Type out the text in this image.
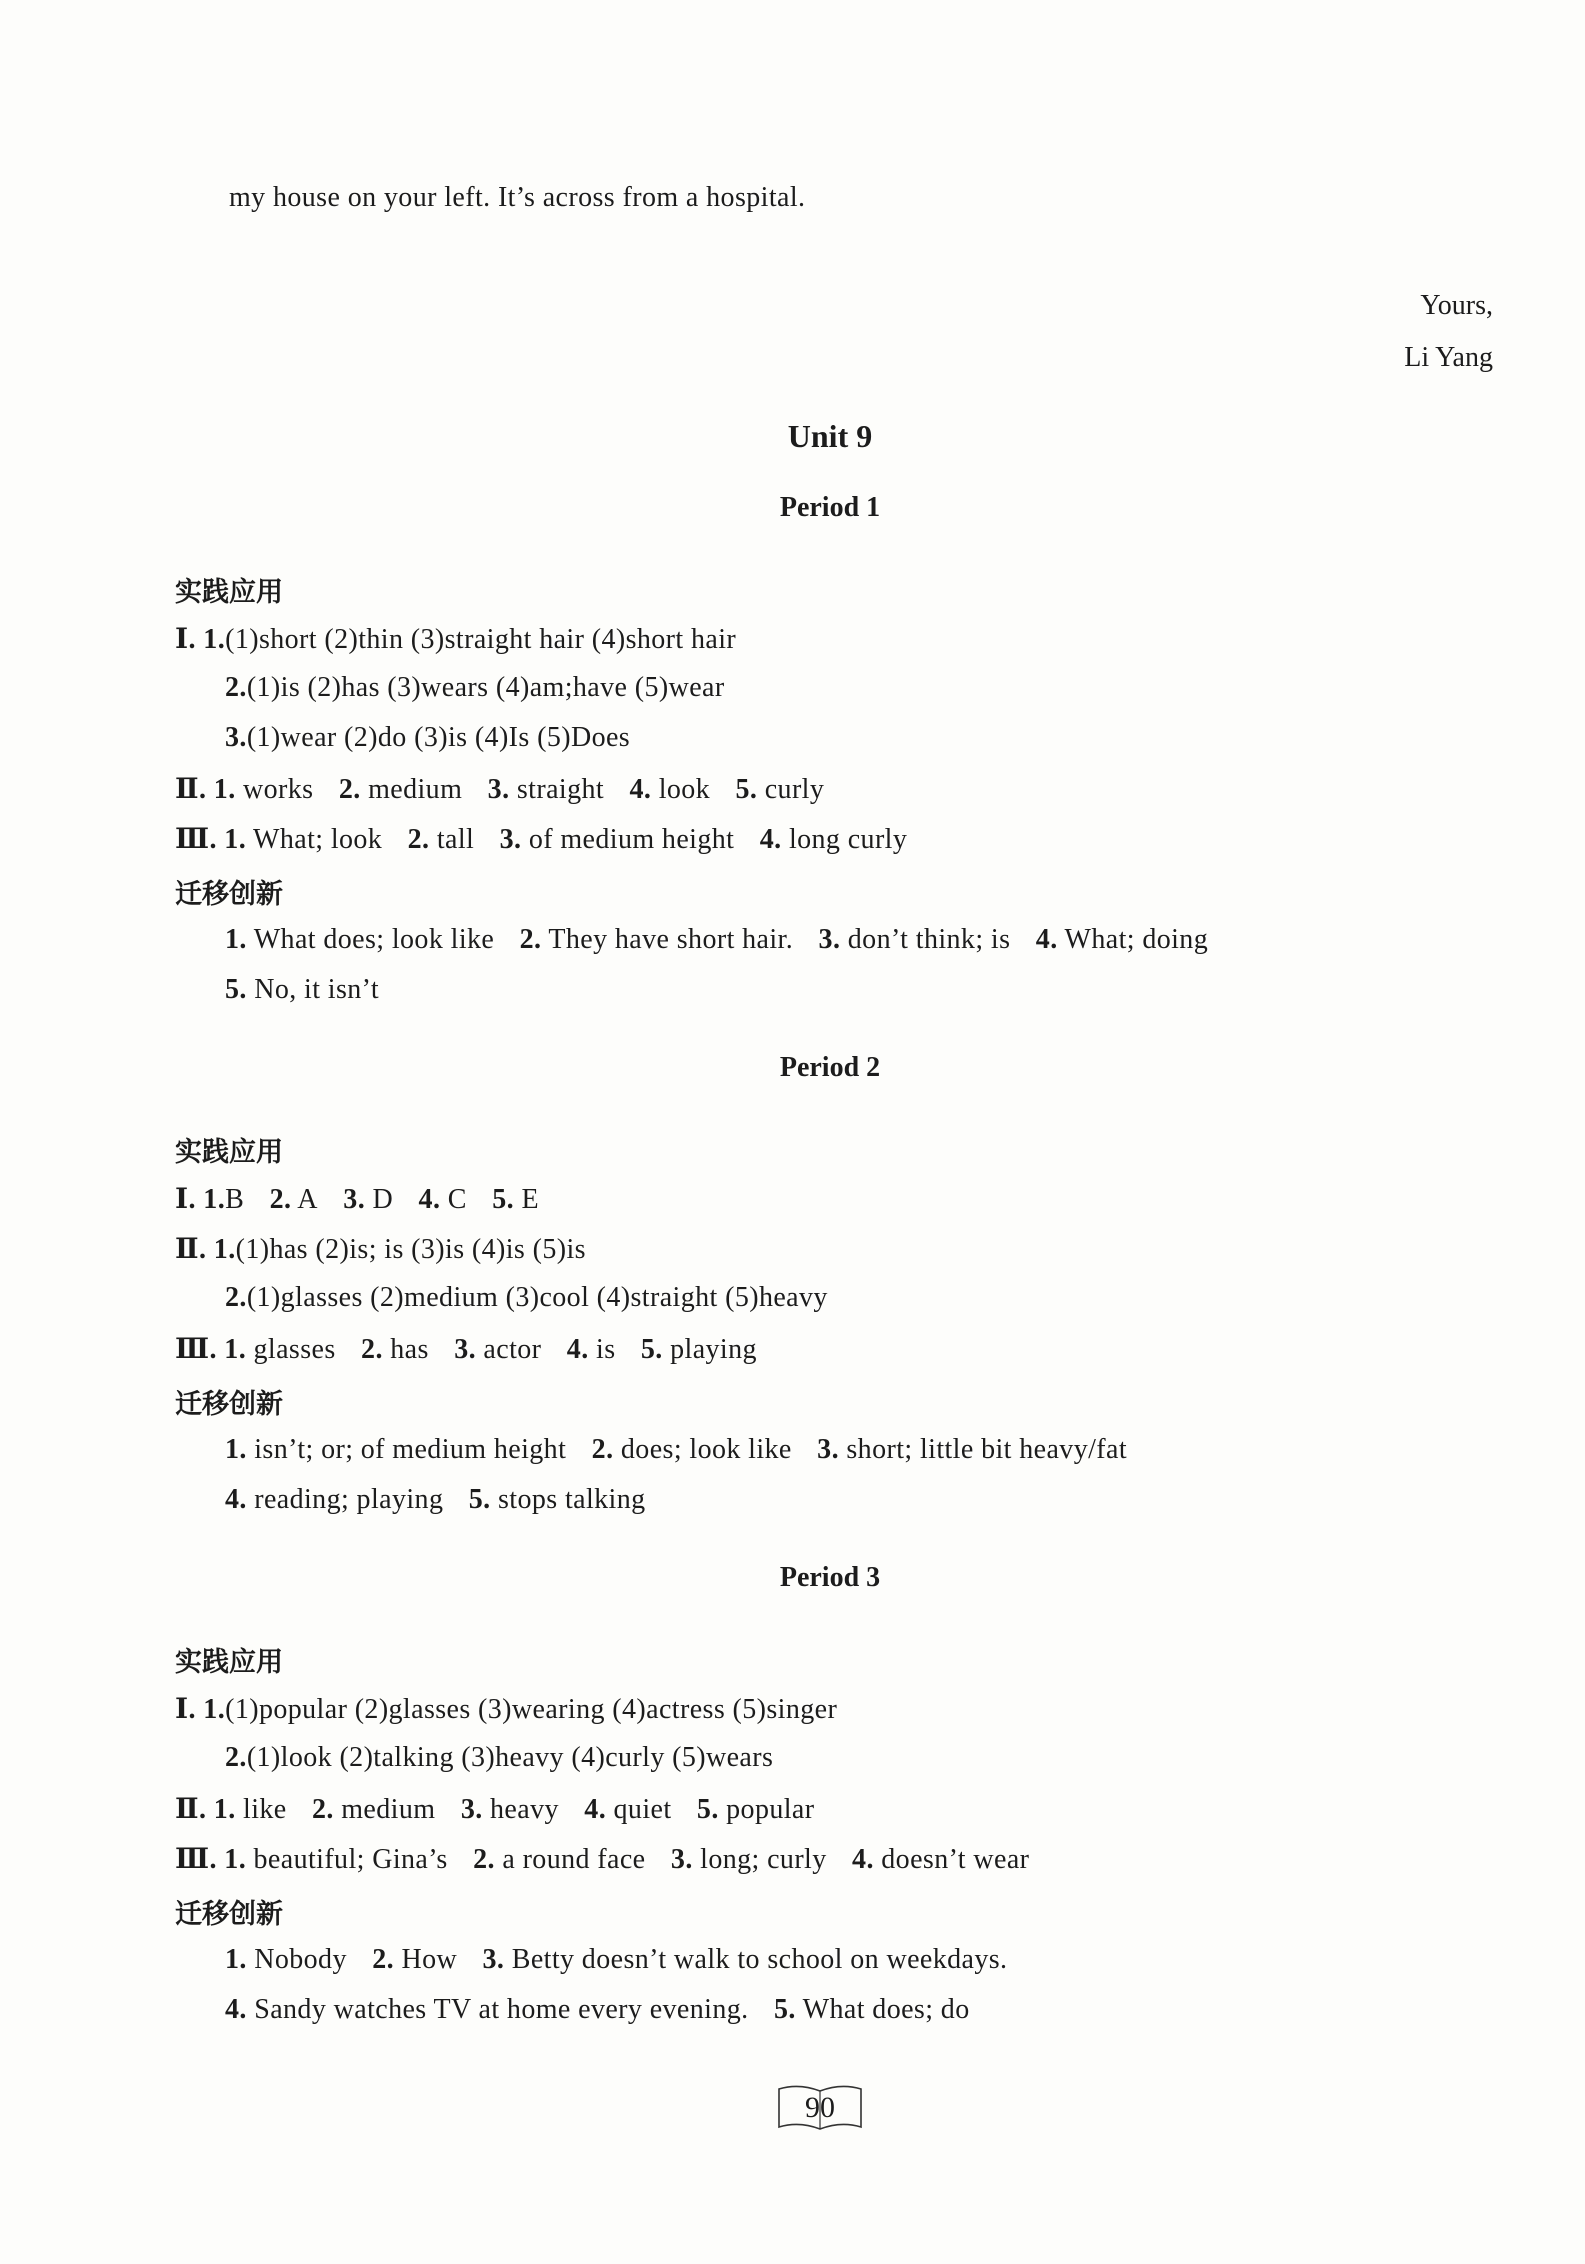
my house on your left. It’s across from a hospital.
Yours,
Li Yang
Unit 9
Period 1
实践应用
Ⅰ. 1.(1)short (2)thin (3)straight hair (4)short hair
2.(1)is (2)has (3)wears (4)am;have (5)wear
3.(1)wear (2)do (3)is (4)Is (5)Does
Ⅱ. 1. works 2. medium 3. straight 4. look 5. curly
Ⅲ. 1. What; look 2. tall 3. of medium height 4. long curly
迁移创新
1. What does; look like 2. They have short hair. 3. don’t think; is 4. What; doing
5. No, it isn’t
Period 2
实践应用
Ⅰ. 1.B 2. A 3. D 4. C 5. E
Ⅱ. 1.(1)has (2)is; is (3)is (4)is (5)is
2.(1)glasses (2)medium (3)cool (4)straight (5)heavy
Ⅲ. 1. glasses 2. has 3. actor 4. is 5. playing
迁移创新
1. isn’t; or; of medium height 2. does; look like 3. short; little bit heavy/fat
4. reading; playing 5. stops talking
Period 3
实践应用
Ⅰ. 1.(1)popular (2)glasses (3)wearing (4)actress (5)singer
2.(1)look (2)talking (3)heavy (4)curly (5)wears
Ⅱ. 1. like 2. medium 3. heavy 4. quiet 5. popular
Ⅲ. 1. beautiful; Gina’s 2. a round face 3. long; curly 4. doesn’t wear
迁移创新
1. Nobody 2. How 3. Betty doesn’t walk to school on weekdays.
4. Sandy watches TV at home every evening. 5. What does; do
90
